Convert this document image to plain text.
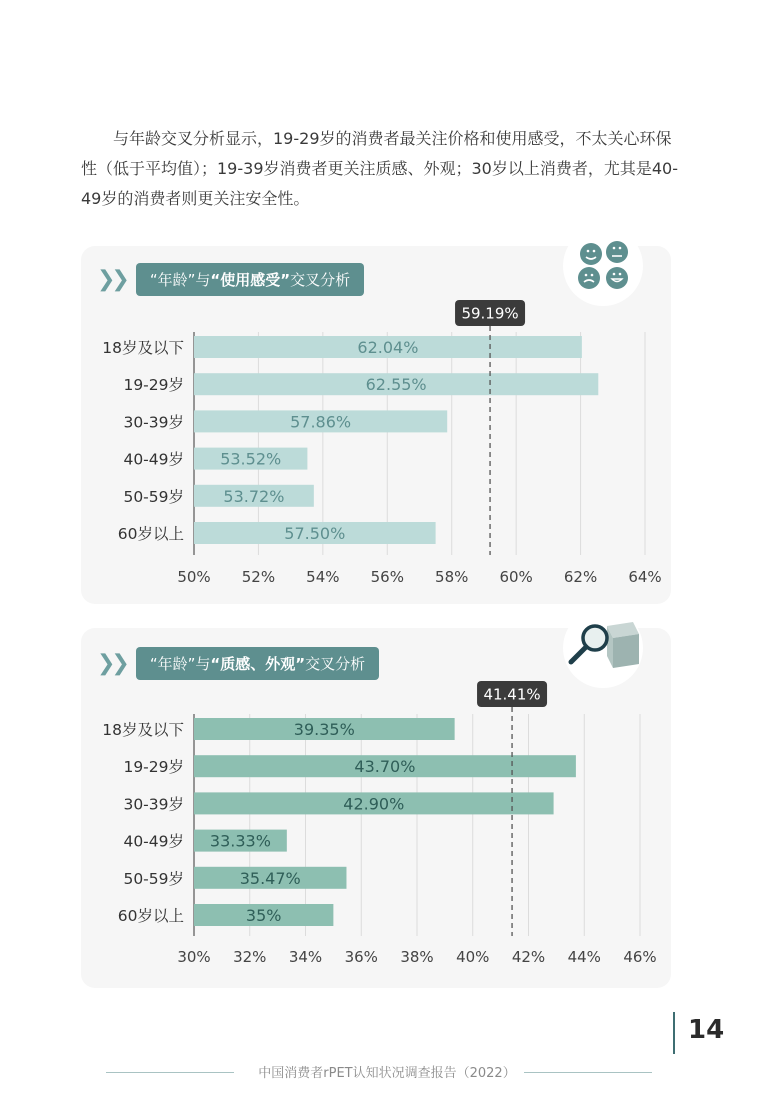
与年龄交叉分析显示，19-29岁的消费者最关注价格和使用感受，不太关心环保性（低于平均值）；19-39岁消费者更关注质感、外观；30岁以上消费者，尤其是40-49岁的消费者则更关注安全性。

❯❯	“年龄”与“使用感受”交叉分析
❯❯	“年龄”与“质感、外观”交叉分析
50% 52% 54% 56% 58% 60% 62% 64%
62.04%
18岁及以下
62.55%
19-29岁
57.86%
30-39岁
53.52%
40-49岁
53.72%
50-59岁
57.50%
60岁以上
59.19%
30% 32% 34% 36% 38% 40% 42% 44% 46%
39.35%
18岁及以下
43.70%
19-29岁
42.90%
30-39岁
33.33%
40-49岁
35.47%
50-59岁
35%
60岁以上
41.41%
14
中国消费者rPET认知状况调查报告（2022）
